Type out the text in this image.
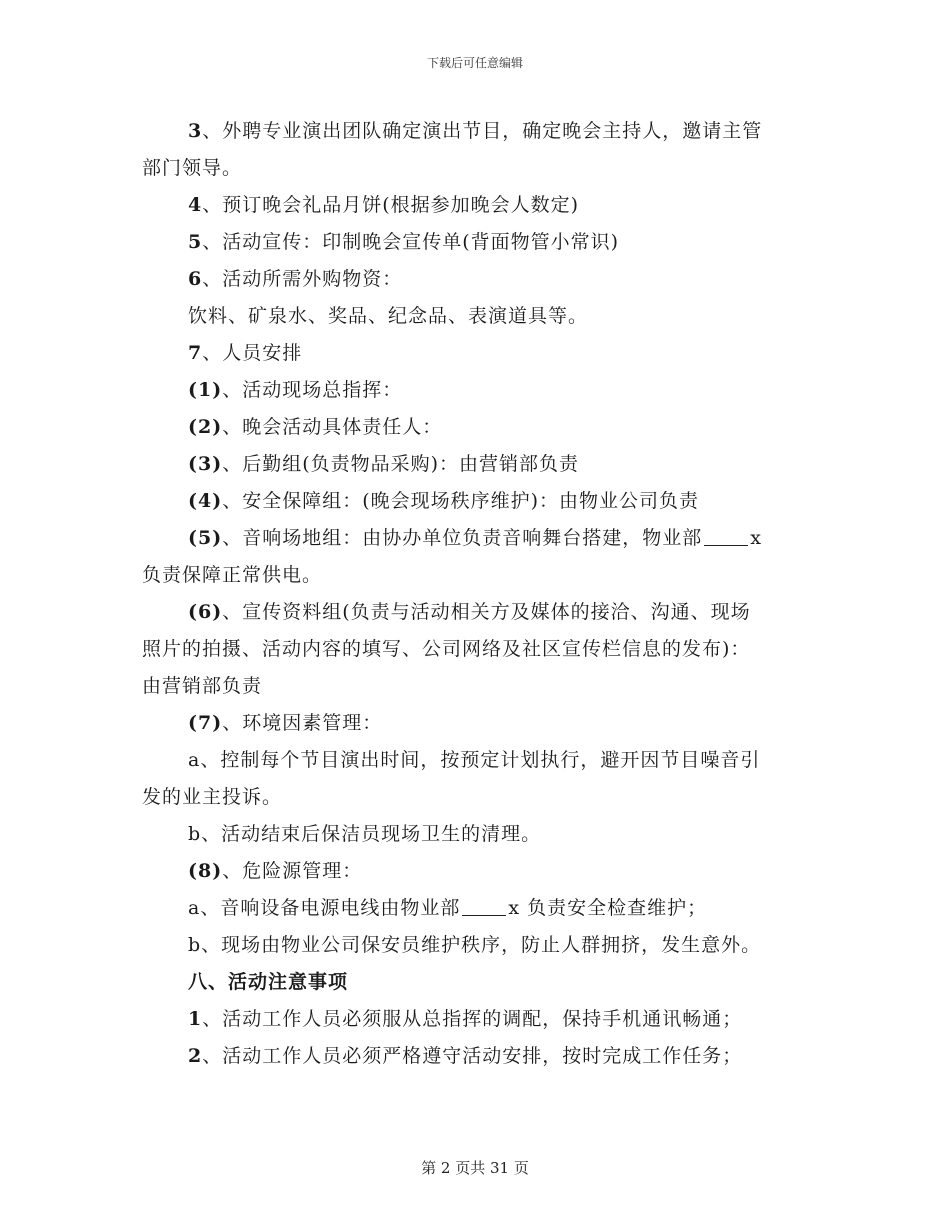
下载后可任意编辑
3、外聘专业演出团队确定演出节目，确定晚会主持人，邀请主管
部门领导。
4、预订晚会礼品月饼(根据参加晚会人数定)
5、活动宣传：印制晚会宣传单(背面物管小常识)
6、活动所需外购物资：
饮料、矿泉水、奖品、纪念品、表演道具等。
7、人员安排
(1)、活动现场总指挥：
(2)、晚会活动具体责任人：
(3)、后勤组(负责物品采购)：由营销部负责
(4)、安全保障组：(晚会现场秩序维护)：由物业公司负责
(5)、音响场地组：由协办单位负责音响舞台搭建，物业部	x
负责保障正常供电。
(6)、宣传资料组(负责与活动相关方及媒体的接洽、沟通、现场
照片的拍摄、活动内容的填写、公司网络及社区宣传栏信息的发布)：
由营销部负责
(7)、环境因素管理：
a、控制每个节目演出时间，按预定计划执行，避开因节目噪音引
发的业主投诉。
b、活动结束后保洁员现场卫生的清理。
(8)、危险源管理：
a、音响设备电源电线由物业部	x 负责安全检查维护；
b、现场由物业公司保安员维护秩序，防止人群拥挤，发生意外。
八、活动注意事项
1、活动工作人员必须服从总指挥的调配，保持手机通讯畅通；
2、活动工作人员必须严格遵守活动安排，按时完成工作任务；
第 2 页共 31 页
